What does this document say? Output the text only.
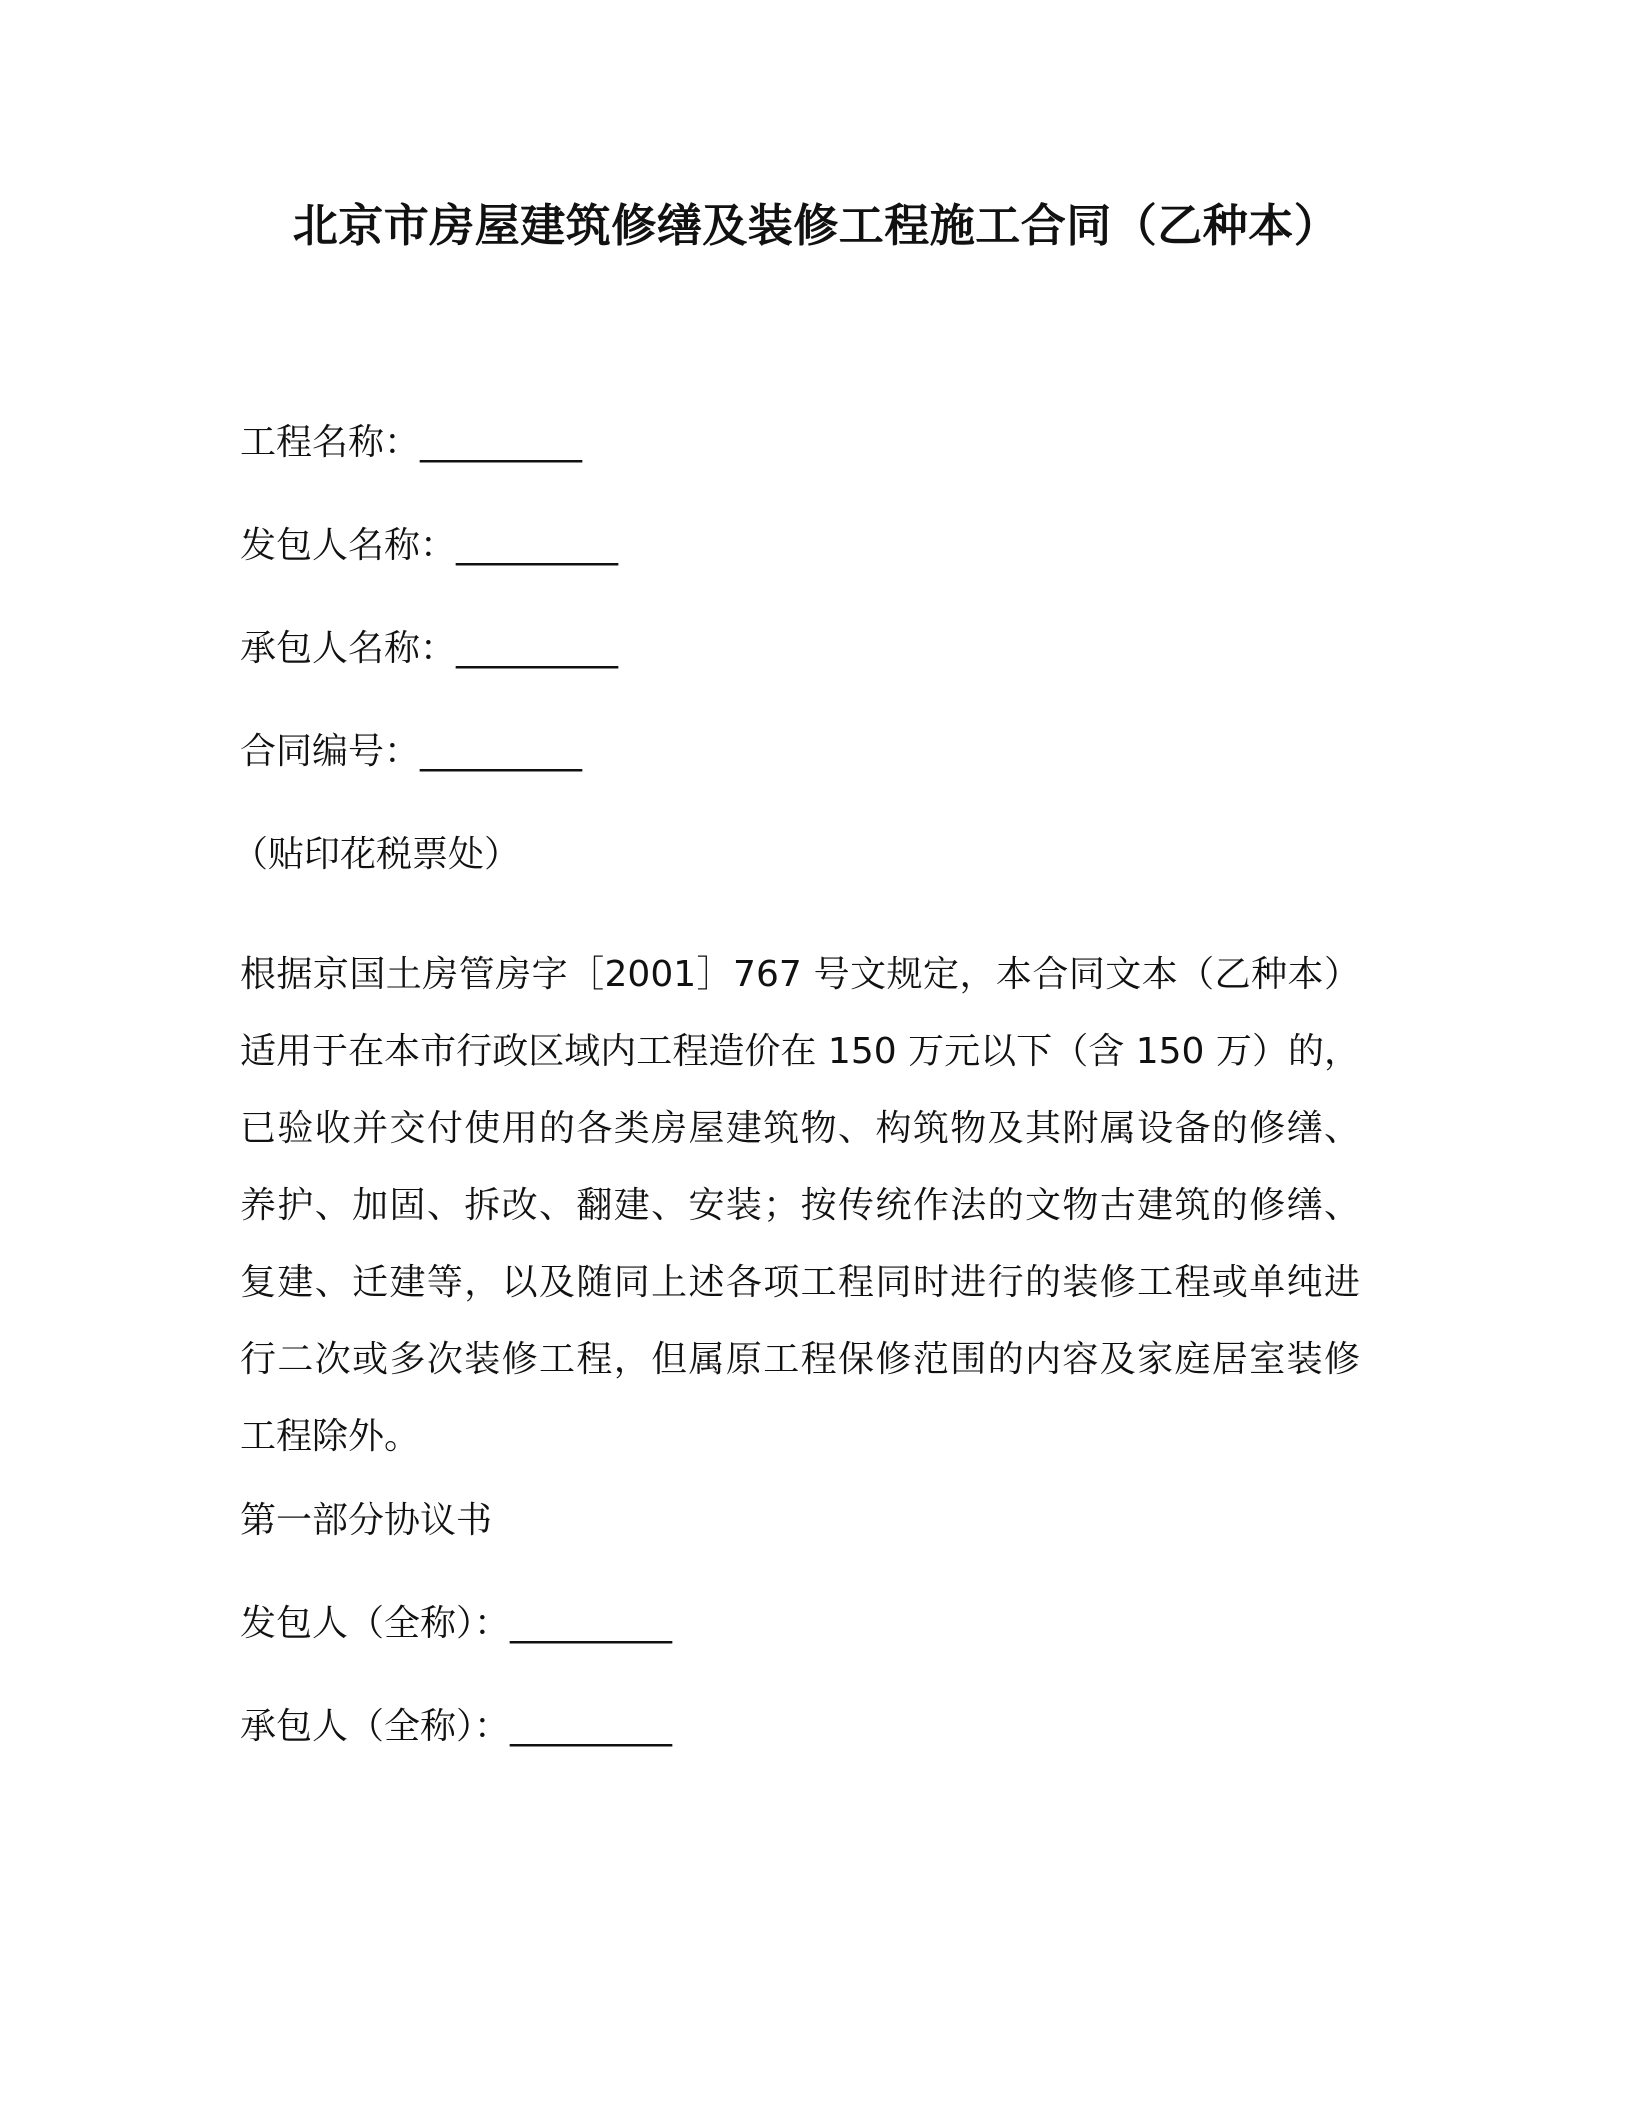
北京市房屋建筑修缮及装修工程施工合同（乙种本）
工程名称：_________
发包人名称：_________
承包人名称：_________
合同编号：_________
（贴印花税票处）
根据京国土房管房字［2001］767 号文规定，本合同文本（乙种本）
适用于在本市行政区域内工程造价在 150 万元以下（含 150 万）的，
已验收并交付使用的各类房屋建筑物、构筑物及其附属设备的修缮、
养护、加固、拆改、翻建、安装；按传统作法的文物古建筑的修缮、
复建、迁建等，以及随同上述各项工程同时进行的装修工程或单纯进
行二次或多次装修工程，但属原工程保修范围的内容及家庭居室装修
工程除外。
第一部分协议书
发包人（全称）：_________
承包人（全称）：_________
